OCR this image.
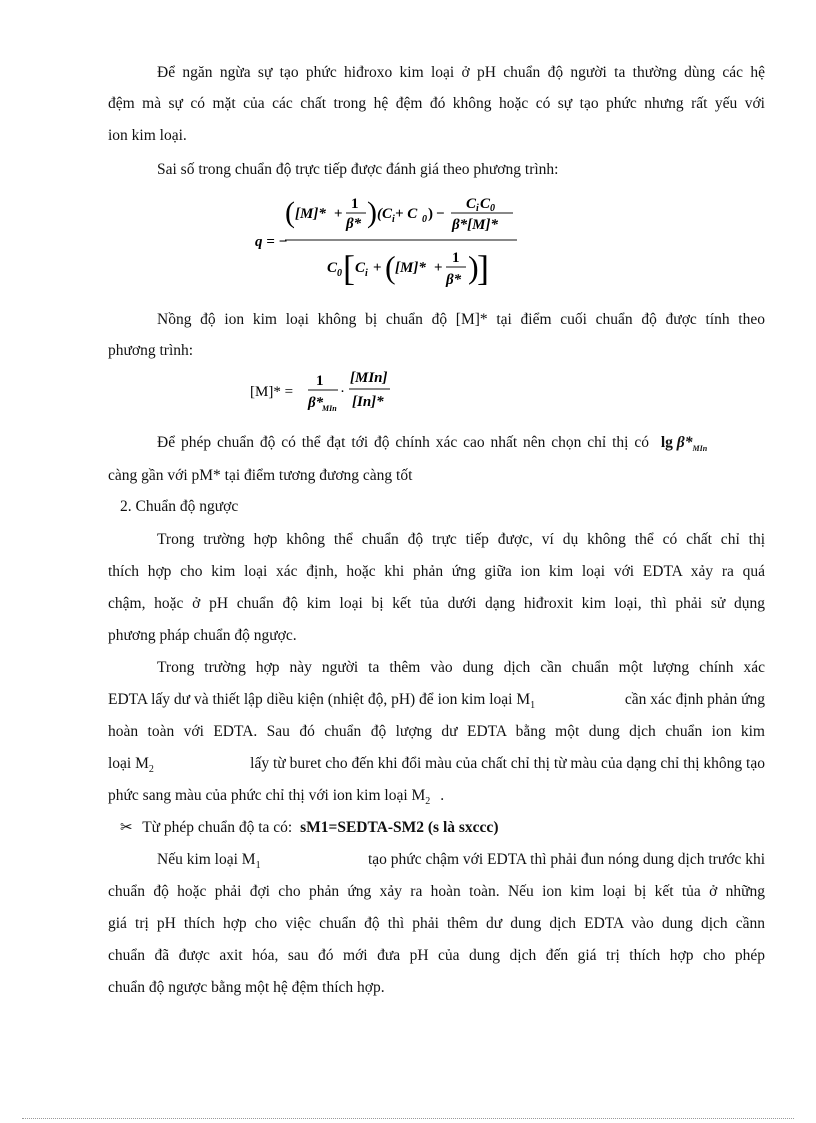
Để ngăn ngừa sự tạo phức hiđroxo kim loại ở pH chuẩn độ người ta thường dùng các hệ
đệm mà sự có mặt của các chất trong hệ đệm đó không hoặc có sự tạo phức nhưng rất yếu với
ion kim loại.
Sai số trong chuẩn độ trực tiếp được đánh giá theo phương trình:
q = −
( [M]* +
1
β* ) (C i + C 0 ) −
C i C 0
β*[M]*
C 0 [ C i + ( [M]* +
1
β* )
]
Nồng độ ion kim loại không bị chuẩn độ [M]* tại điểm cuối chuẩn độ được tính theo
phương trình:
[M]* =
1
β*
MIn
·
[MIn]
[In]*
Để phép chuẩn độ có thể đạt tới độ chính xác cao nhất nên chọn chỉ thị có $\lg \beta*_{MIn}$
càng gần với pM* tại điểm tương đương càng tốt
2. Chuẩn độ ngược
Trong trường hợp không thể chuẩn độ trực tiếp được, ví dụ không thể có chất chỉ thị
thích hợp cho kim loại xác định, hoặc khi phản ứng giữa ion kim loại với EDTA xảy ra quá
chậm, hoặc ở pH chuẩn độ kim loại bị kết tủa dưới dạng hiđroxit kim loại, thì phải sử dụng
phương pháp chuẩn độ ngược.
Trong trường hợp này người ta thêm vào dung dịch cần chuẩn một lượng chính xác
EDTA lấy dư và thiết lập diều kiện (nhiệt độ, pH) để ion kim loại $M_1$	cần xác định phản ứng
hoàn toàn với EDTA. Sau đó chuẩn độ lượng dư EDTA bằng một dung dịch chuẩn ion kim
loại $M_2$	lấy từ buret cho đến khi đổi màu của chất chỉ thị từ màu của dạng chỉ thị không tạo
phức sang màu của phức chỉ thị với ion kim loại $M_2$ .
✂ Từ phép chuẩn độ ta có: sM1=SEDTA-SM2 (s là sxccc)
Nếu kim loại $M_1$	tạo phức chậm với EDTA thì phải đun nóng dung dịch trước khi
chuẩn độ hoặc phải đợi cho phản ứng xảy ra hoàn toàn. Nếu ion kim loại bị kết tủa ở những
giá trị pH thích hợp cho việc chuẩn độ thì phải thêm dư dung dịch EDTA vào dung dịch cầnn
chuẩn đã được axit hóa, sau đó mới đưa pH của dung dịch đến giá trị thích hợp cho phép
chuẩn độ ngược bằng một hệ đệm thích hợp.
